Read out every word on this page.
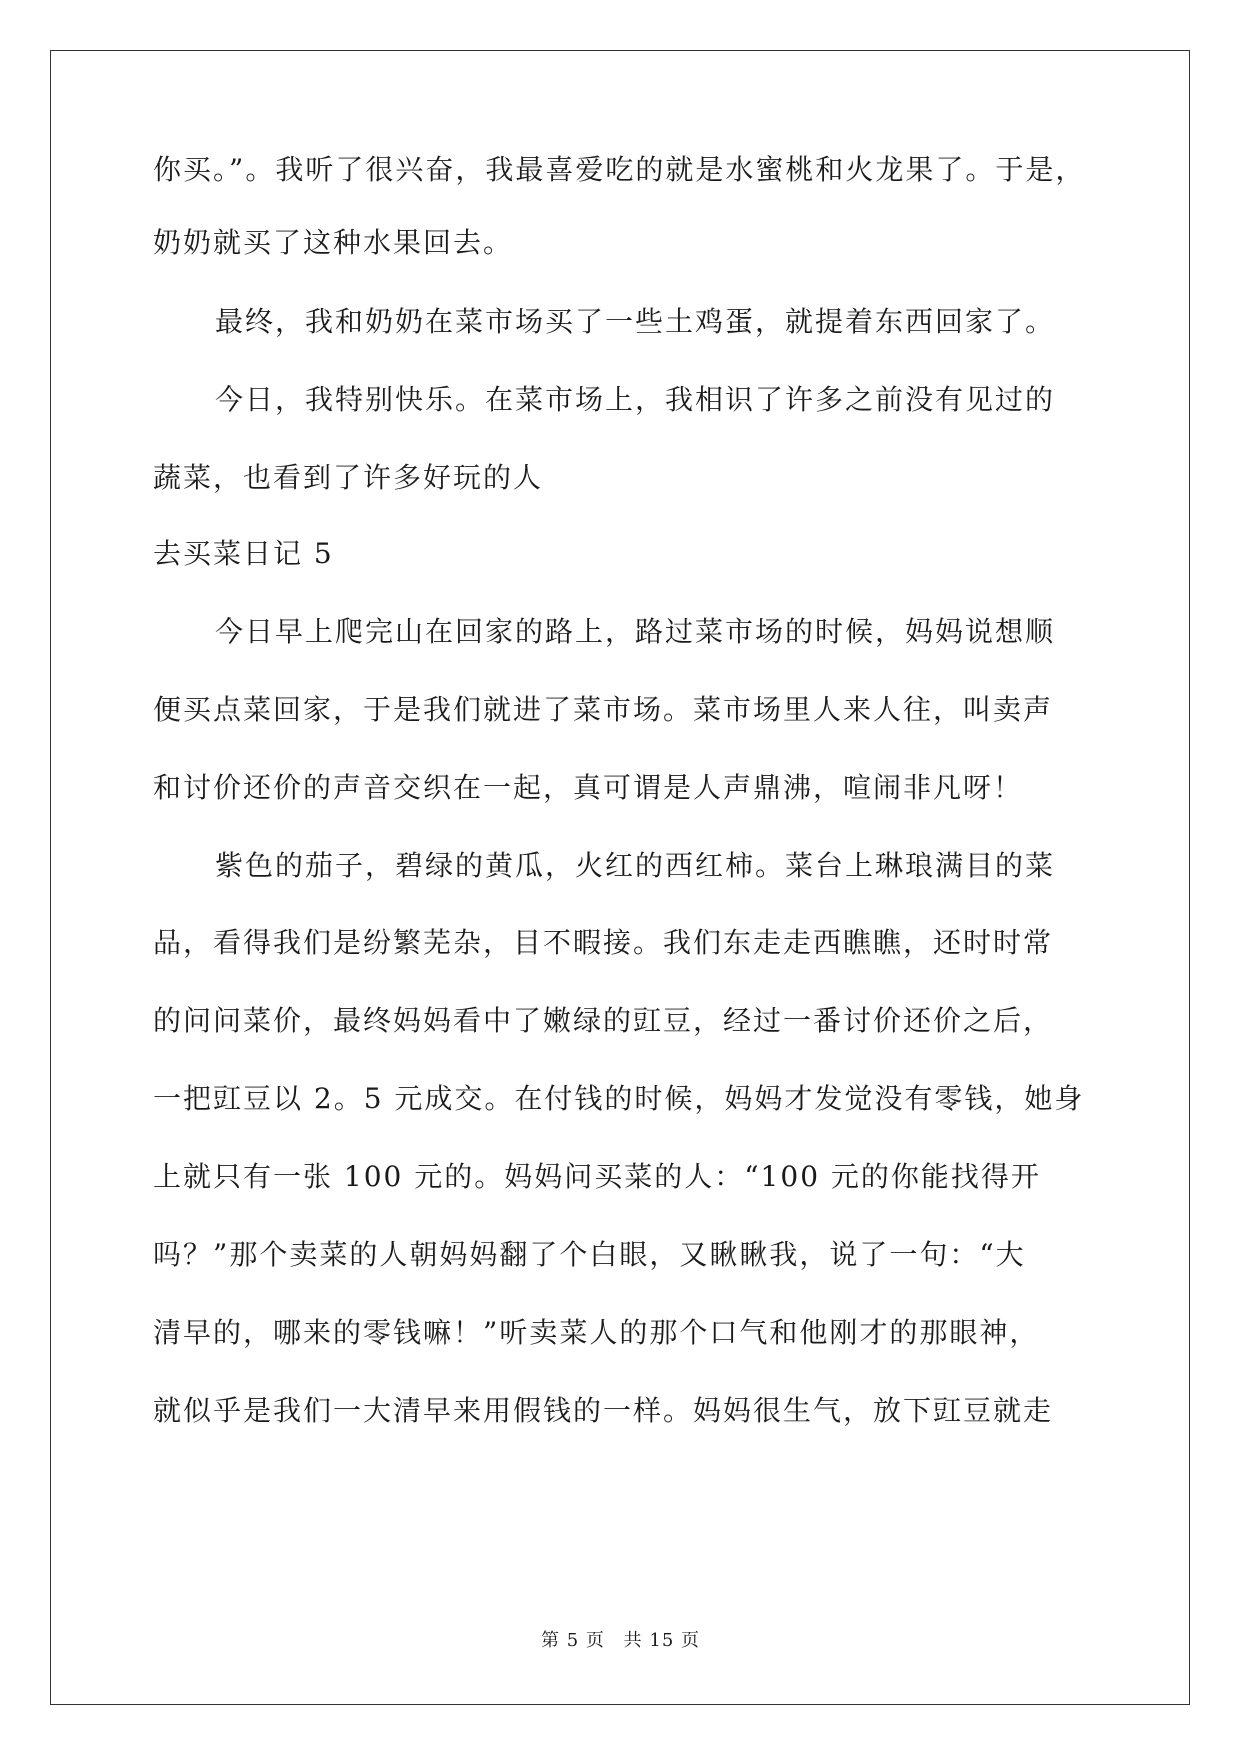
你买。”。我听了很兴奋，我最喜爱吃的就是水蜜桃和火龙果了。于是，
奶奶就买了这种水果回去。
最终，我和奶奶在菜市场买了一些土鸡蛋，就提着东西回家了。
今日，我特别快乐。在菜市场上，我相识了许多之前没有见过的
蔬菜，也看到了许多好玩的人
去买菜日记 5
今日早上爬完山在回家的路上，路过菜市场的时候，妈妈说想顺
便买点菜回家，于是我们就进了菜市场。菜市场里人来人往，叫卖声
和讨价还价的声音交织在一起，真可谓是人声鼎沸，喧闹非凡呀！
紫色的茄子，碧绿的黄瓜，火红的西红柿。菜台上琳琅满目的菜
品，看得我们是纷繁芜杂，目不暇接。我们东走走西瞧瞧，还时时常
的问问菜价，最终妈妈看中了嫩绿的豇豆，经过一番讨价还价之后，
一把豇豆以 2。5 元成交。在付钱的时候，妈妈才发觉没有零钱，她身
上就只有一张 100 元的。妈妈问买菜的人：“100 元的你能找得开
吗？”那个卖菜的人朝妈妈翻了个白眼，又瞅瞅我，说了一句：“大
清早的，哪来的零钱嘛！”听卖菜人的那个口气和他刚才的那眼神，
就似乎是我们一大清早来用假钱的一样。妈妈很生气，放下豇豆就走
第 5 页 共 15 页
